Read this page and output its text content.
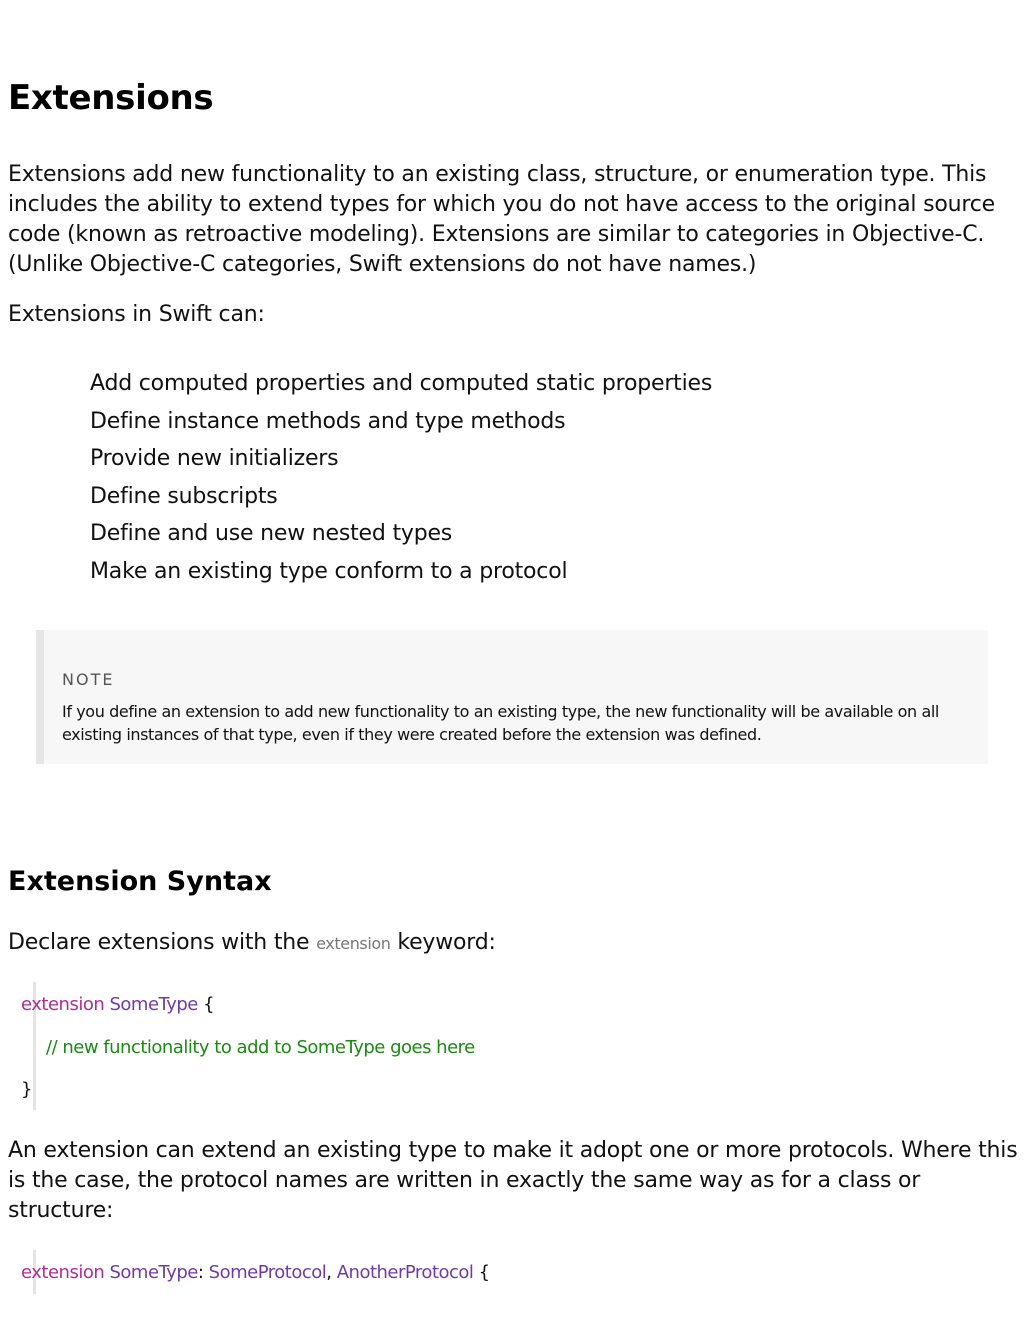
Extensions

Extensions add new functionality to an existing class, structure, or enumeration type. This includes the ability to extend types for which you do not have access to the original source code (known as retroactive modeling). Extensions are similar to categories in Objective-C. (Unlike Objective-C categories, Swift extensions do not have names.)

Extensions in Swift can:

Add computed properties and computed static properties
Define instance methods and type methods
Provide new initializers
Define subscripts
Define and use new nested types
Make an existing type conform to a protocol
NOTE
If you define an extension to add new functionality to an existing type, the new functionality will be available on all existing instances of that type, even if they were created before the extension was defined.
Extension Syntax

Declare extensions with the extension keyword:

extension SomeType {
// new functionality to add to SomeType goes here
}

An extension can extend an existing type to make it adopt one or more protocols. Where this is the case, the protocol names are written in exactly the same way as for a class or structure:

extension SomeType: SomeProtocol, AnotherProtocol {
